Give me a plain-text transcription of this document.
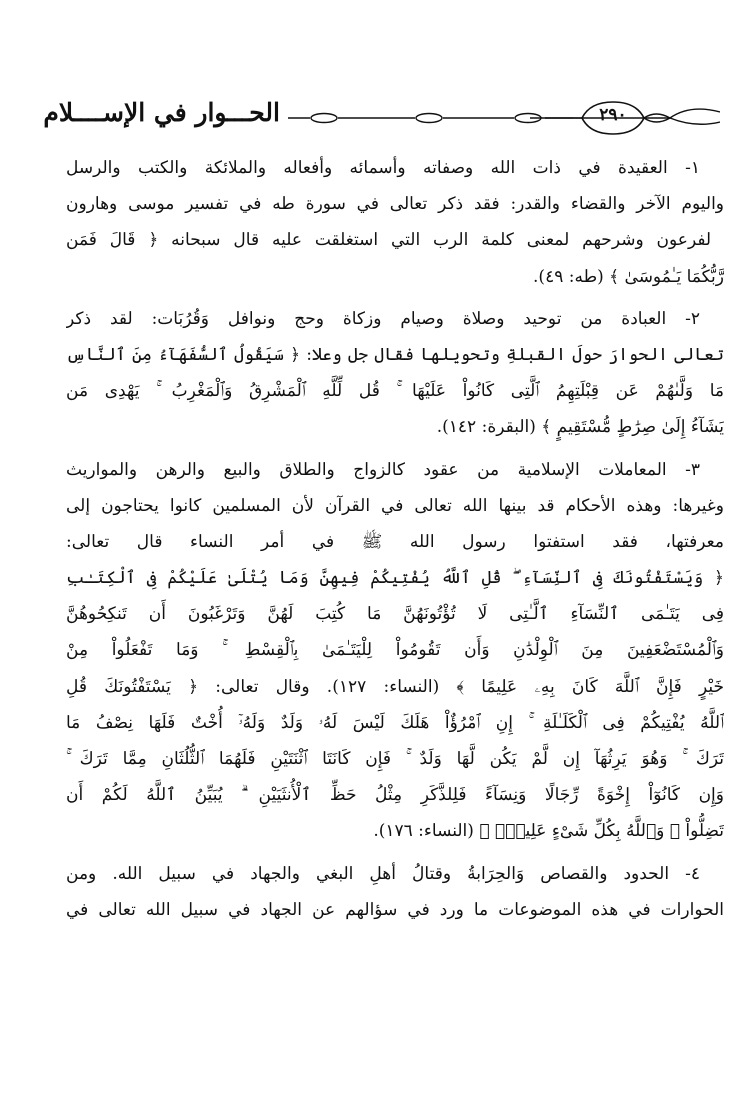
الحـــوار في الإســــلام	٢٩٠
١- العقيدة في ذات الله وصفاته وأسمائه وأفعاله والملائكة والكتب والرسل
واليوم الآخر والقضاء والقدر: فقد ذكر تعالى في سورة طه في تفسير موسى وهارون
ُ لفرعون وشرحهم لمعنى كلمة الرب التي استغلقت عليه قال سبحانه ﴿ قَالَ فَمَن
رَّبُّكُمَا يَـٰمُوسَىٰ ﴾ (طه: ٤٩).
٢- العبادة من توحيد وصلاة وصيام وزكاة وحج ونوافل وَقُرُبَات: لقد ذكر
تعالى الحوارَ حولَ القبلةِ وتحويلها فقال جل وعلا: ﴿ سَيَقُولُ ٱلسُّفَهَآءُ مِنَ ٱلنَّاسِ
مَا وَلَّىٰهُمْ عَن قِبْلَتِهِمُ ٱلَّتِى كَانُواْ عَلَيْهَا ۚ قُل لِّلَّهِ ٱلْمَشْرِقُ وَٱلْمَغْرِبُ ۚ يَهْدِى مَن
يَشَآءُ إِلَىٰ صِرَٰطٍ مُّسْتَقِيمٍ ﴾ (البقرة: ١٤٢).
٣- المعاملات الإسلامية من عقود كالزواج والطلاق والبيع والرهن والمواريث
وغيرها: وهذه الأحكام قد بينها الله تعالى في القرآن لأن المسلمين كانوا يحتاجون إلى
معرفتها، فقد استفتوا رسول الله ﷺ في أمر النساء قال تعالى:
﴿ وَيَسْتَفْتُونَكَ فِى ٱلنِّسَآءِ ۖ قُلِ ٱللَّهُ يُفْتِيكُمْ فِيهِنَّ وَمَا يُتْلَىٰ عَلَيْكُمْ فِى ٱلْكِتَـٰبِ
فِى يَتَـٰمَى ٱلنِّسَآءِ ٱلَّـٰتِى لَا تُؤْتُونَهُنَّ مَا كُتِبَ لَهُنَّ وَتَرْغَبُونَ أَن تَنكِحُوهُنَّ
وَٱلْمُسْتَضْعَفِينَ مِنَ ٱلْوِلْدَٰنِ وَأَن تَقُومُواْ لِلْيَتَـٰمَىٰ بِٱلْقِسْطِ ۚ وَمَا تَفْعَلُواْ مِنْ
خَيْرٍ فَإِنَّ ٱللَّهَ كَانَ بِهِۦ عَلِيمًا ﴾ (النساء: ١٢٧). وقال تعالى: ﴿ يَسْتَفْتُونَكَ قُلِ
ٱللَّهُ يُفْتِيكُمْ فِى ٱلْكَلَـٰلَةِ ۚ إِنِ ٱمْرُؤٌاْ هَلَكَ لَيْسَ لَهُۥ وَلَدٌ وَلَهُۥٓ أُخْتٌ فَلَهَا نِصْفُ مَا
تَرَكَ ۚ وَهُوَ يَرِثُهَآ إِن لَّمْ يَكُن لَّهَا وَلَدٌ ۚ فَإِن كَانَتَا ٱثْنَتَيْنِ فَلَهُمَا ٱلثُّلُثَانِ مِمَّا تَرَكَ ۚ
وَإِن كَانُوٓاْ إِخْوَةً رِّجَالًا وَنِسَآءً فَلِلذَّكَرِ مِثْلُ حَظِّ ٱلْأُنثَيَيْنِ ۗ يُبَيِّنُ ٱللَّهُ لَكُمْ أَن
تَضِلُّواْ ۗ وَٱللَّهُ بِكُلِّ شَىْءٍ عَلِيمٌۢ ﴾ (النساء: ١٧٦).
٤- الحدود والقصاص وَالحِرَابةُ وقتالُ أهلِ البغي والجهاد في سبيل الله. ومن
الحوارات في هذه الموضوعات ما ورد في سؤالهم عن الجهاد في سبيل الله تعالى في
